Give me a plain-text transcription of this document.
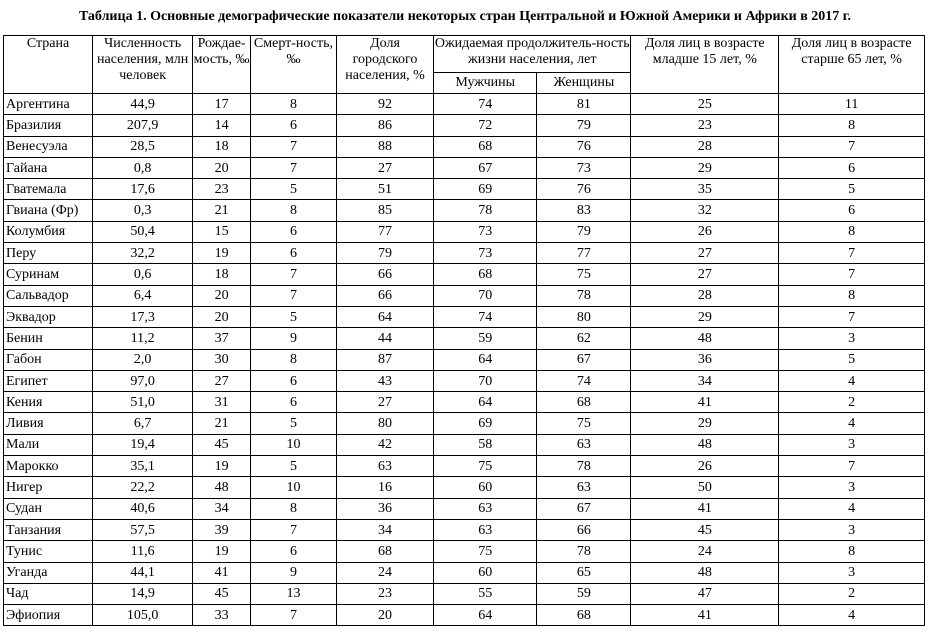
Таблица 1. Основные демографические показатели некоторых стран Центральной и Южной Америки и Африки в 2017 г.
Страна	Численность населения, млн человек	Рождае-мость, ‰	Смерт-ность, ‰	Доля городского населения, %	Ожидаемая продолжитель-ность жизни населения, лет		Доля лиц в возрасте младше 15 лет, %	Доля лиц в возрасте старше 65 лет, %
					Мужчины	Женщины		
Аргентина	44,9	17	8	92	74	81	25	11
Бразилия	207,9	14	6	86	72	79	23	8
Венесуэла	28,5	18	7	88	68	76	28	7
Гайана	0,8	20	7	27	67	73	29	6
Гватемала	17,6	23	5	51	69	76	35	5
Гвиана (Фр)	0,3	21	8	85	78	83	32	6
Колумбия	50,4	15	6	77	73	79	26	8
Перу	32,2	19	6	79	73	77	27	7
Суринам	0,6	18	7	66	68	75	27	7
Сальвадор	6,4	20	7	66	70	78	28	8
Эквадор	17,3	20	5	64	74	80	29	7
Бенин	11,2	37	9	44	59	62	48	3
Габон	2,0	30	8	87	64	67	36	5
Египет	97,0	27	6	43	70	74	34	4
Кения	51,0	31	6	27	64	68	41	2
Ливия	6,7	21	5	80	69	75	29	4
Мали	19,4	45	10	42	58	63	48	3
Марокко	35,1	19	5	63	75	78	26	7
Нигер	22,2	48	10	16	60	63	50	3
Судан	40,6	34	8	36	63	67	41	4
Танзания	57,5	39	7	34	63	66	45	3
Тунис	11,6	19	6	68	75	78	24	8
Уганда	44,1	41	9	24	60	65	48	3
Чад	14,9	45	13	23	55	59	47	2
Эфиопия	105,0	33	7	20	64	68	41	4
